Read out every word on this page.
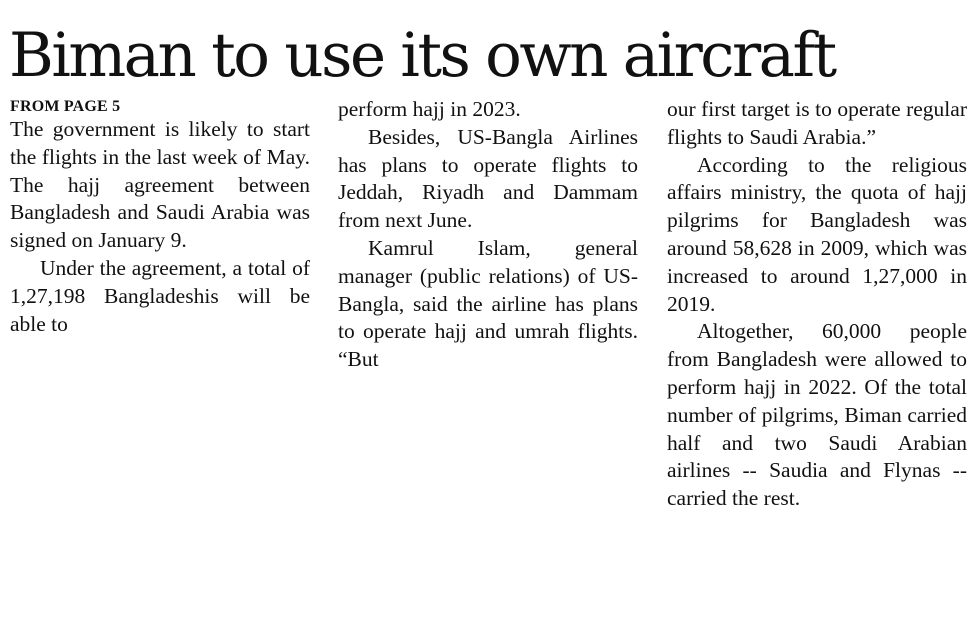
Biman to use its own aircraft
FROM PAGE 5

The government is likely to start the flights in the last week of May. The hajj agreement between Bangladesh and Saudi Arabia was signed on January 9.

Under the agreement, a total of 1,27,198 Bangladeshis will be able to

perform hajj in 2023.

Besides, US-Bangla Airlines has plans to operate flights to Jeddah, Riyadh and Dammam from next June.

Kamrul Islam, general manager (public relations) of US-Bangla, said the airline has plans to operate hajj and umrah flights. “But

our first target is to operate regular flights to Saudi Arabia.”

According to the religious affairs ministry, the quota of hajj pilgrims for Bangladesh was around 58,628 in 2009, which was increased to around 1,27,000 in 2019.

Altogether, 60,000 people from Bangladesh were allowed to perform hajj in 2022. Of the total number of pilgrims, Biman carried half and two Saudi Arabian airlines -- Saudia and Flynas -- carried the rest.
